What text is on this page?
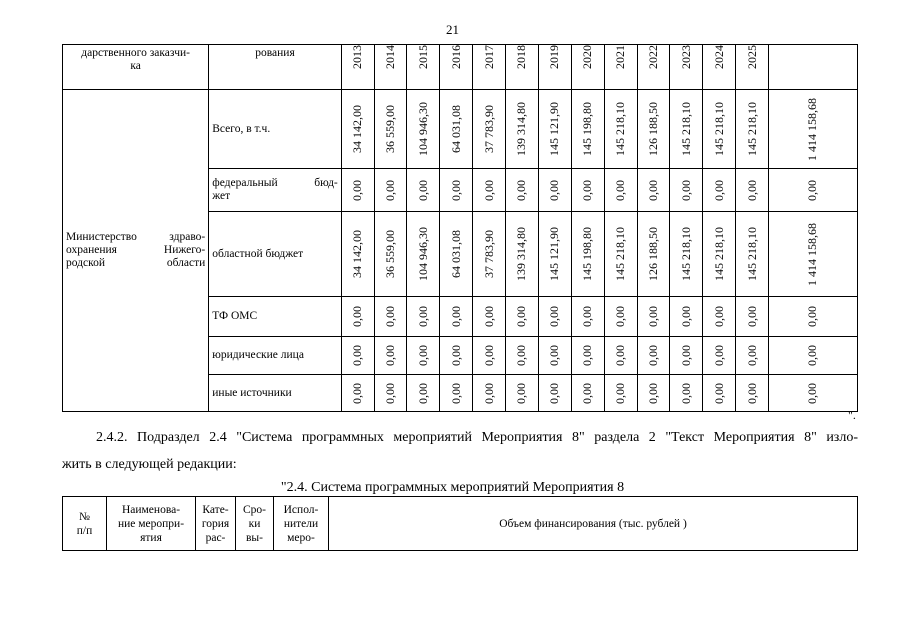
21
дарственного заказчи-
ка	рования	2013	2014	2015	2016	2017	2018	2019	2020	2021	2022	2023	2024	2025	

Министерство здраво-
охранения Нижего-
родской области	Всего, в т.ч.	34 142,00	36 559,00	104 946,30	64 031,08	37 783,90	139 314,80	145 121,90	145 198,80	145 218,10	126 188,50	145 218,10	145 218,10	145 218,10	1 414 158,68

	федеральный бюд-
жет	0,00	0,00	0,00	0,00	0,00	0,00	0,00	0,00	0,00	0,00	0,00	0,00	0,00	0,00

	областной бюджет	34 142,00	36 559,00	104 946,30	64 031,08	37 783,90	139 314,80	145 121,90	145 198,80	145 218,10	126 188,50	145 218,10	145 218,10	145 218,10	1 414 158,68

	ТФ ОМС	0,00	0,00	0,00	0,00	0,00	0,00	0,00	0,00	0,00	0,00	0,00	0,00	0,00	0,00

	юридические лица	0,00	0,00	0,00	0,00	0,00	0,00	0,00	0,00	0,00	0,00	0,00	0,00	0,00	0,00

	иные источники	0,00	0,00	0,00	0,00	0,00	0,00	0,00	0,00	0,00	0,00	0,00	0,00	0,00	0,00
".
2.4.2. Подраздел 2.4 "Система программных мероприятий Мероприятия 8" раздела 2 "Текст Мероприятия 8" изло-
жить в следующей редакции:
"2.4. Система программных мероприятий Мероприятия 8
№
п/п	Наименова-
ние меропри-
ятия	Кате-
гория
рас-	Сро-
ки
вы-	Испол-
нители
меро-	Объем финансирования (тыс. рублей )
